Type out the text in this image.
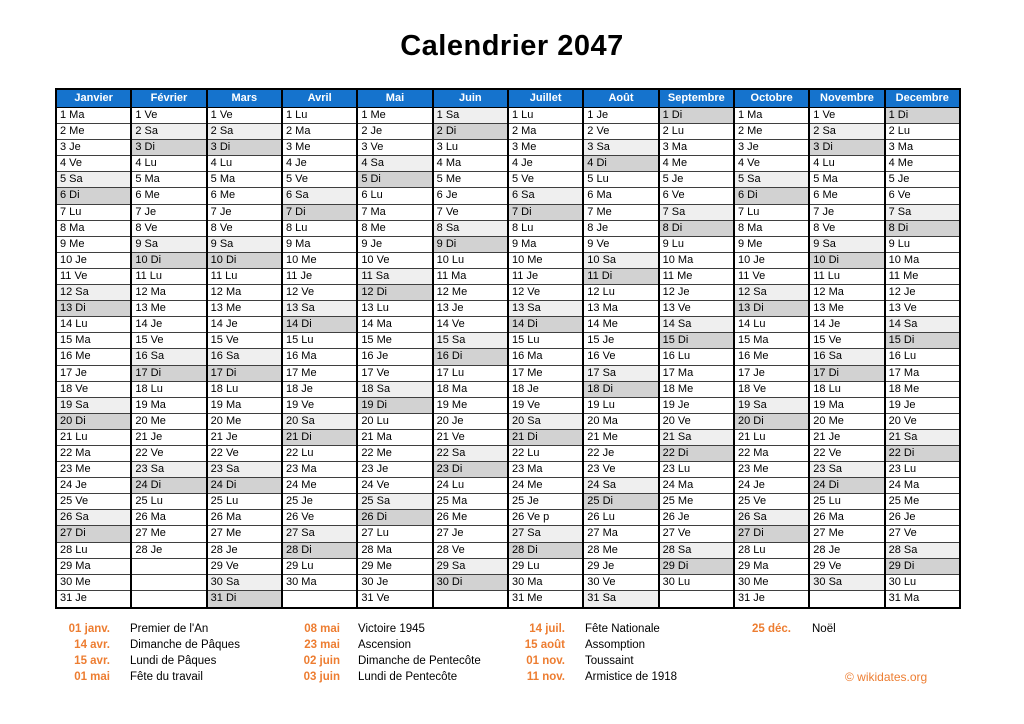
Calendrier 2047
Janvier
1 Ma
2 Me
3 Je
4 Ve
5 Sa
6 Di
7 Lu
8 Ma
9 Me
10 Je
11 Ve
12 Sa
13 Di
14 Lu
15 Ma
16 Me
17 Je
18 Ve
19 Sa
20 Di
21 Lu
22 Ma
23 Me
24 Je
25 Ve
26 Sa
27 Di
28 Lu
29 Ma
30 Me
31 Je
Février
1 Ve
2 Sa
3 Di
4 Lu
5 Ma
6 Me
7 Je
8 Ve
9 Sa
10 Di
11 Lu
12 Ma
13 Me
14 Je
15 Ve
16 Sa
17 Di
18 Lu
19 Ma
20 Me
21 Je
22 Ve
23 Sa
24 Di
25 Lu
26 Ma
27 Me
28 Je
Mars
1 Ve
2 Sa
3 Di
4 Lu
5 Ma
6 Me
7 Je
8 Ve
9 Sa
10 Di
11 Lu
12 Ma
13 Me
14 Je
15 Ve
16 Sa
17 Di
18 Lu
19 Ma
20 Me
21 Je
22 Ve
23 Sa
24 Di
25 Lu
26 Ma
27 Me
28 Je
29 Ve
30 Sa
31 Di
Avril
1 Lu
2 Ma
3 Me
4 Je
5 Ve
6 Sa
7 Di
8 Lu
9 Ma
10 Me
11 Je
12 Ve
13 Sa
14 Di
15 Lu
16 Ma
17 Me
18 Je
19 Ve
20 Sa
21 Di
22 Lu
23 Ma
24 Me
25 Je
26 Ve
27 Sa
28 Di
29 Lu
30 Ma
Mai
1 Me
2 Je
3 Ve
4 Sa
5 Di
6 Lu
7 Ma
8 Me
9 Je
10 Ve
11 Sa
12 Di
13 Lu
14 Ma
15 Me
16 Je
17 Ve
18 Sa
19 Di
20 Lu
21 Ma
22 Me
23 Je
24 Ve
25 Sa
26 Di
27 Lu
28 Ma
29 Me
30 Je
31 Ve
Juin
1 Sa
2 Di
3 Lu
4 Ma
5 Me
6 Je
7 Ve
8 Sa
9 Di
10 Lu
11 Ma
12 Me
13 Je
14 Ve
15 Sa
16 Di
17 Lu
18 Ma
19 Me
20 Je
21 Ve
22 Sa
23 Di
24 Lu
25 Ma
26 Me
27 Je
28 Ve
29 Sa
30 Di
Juillet
1 Lu
2 Ma
3 Me
4 Je
5 Ve
6 Sa
7 Di
8 Lu
9 Ma
10 Me
11 Je
12 Ve
13 Sa
14 Di
15 Lu
16 Ma
17 Me
18 Je
19 Ve
20 Sa
21 Di
22 Lu
23 Ma
24 Me
25 Je
26 Ve p
27 Sa
28 Di
29 Lu
30 Ma
31 Me
Août
1 Je
2 Ve
3 Sa
4 Di
5 Lu
6 Ma
7 Me
8 Je
9 Ve
10 Sa
11 Di
12 Lu
13 Ma
14 Me
15 Je
16 Ve
17 Sa
18 Di
19 Lu
20 Ma
21 Me
22 Je
23 Ve
24 Sa
25 Di
26 Lu
27 Ma
28 Me
29 Je
30 Ve
31 Sa
Septembre
1 Di
2 Lu
3 Ma
4 Me
5 Je
6 Ve
7 Sa
8 Di
9 Lu
10 Ma
11 Me
12 Je
13 Ve
14 Sa
15 Di
16 Lu
17 Ma
18 Me
19 Je
20 Ve
21 Sa
22 Di
23 Lu
24 Ma
25 Me
26 Je
27 Ve
28 Sa
29 Di
30 Lu
Octobre
1 Ma
2 Me
3 Je
4 Ve
5 Sa
6 Di
7 Lu
8 Ma
9 Me
10 Je
11 Ve
12 Sa
13 Di
14 Lu
15 Ma
16 Me
17 Je
18 Ve
19 Sa
20 Di
21 Lu
22 Ma
23 Me
24 Je
25 Ve
26 Sa
27 Di
28 Lu
29 Ma
30 Me
31 Je
Novembre
1 Ve
2 Sa
3 Di
4 Lu
5 Ma
6 Me
7 Je
8 Ve
9 Sa
10 Di
11 Lu
12 Ma
13 Me
14 Je
15 Ve
16 Sa
17 Di
18 Lu
19 Ma
20 Me
21 Je
22 Ve
23 Sa
24 Di
25 Lu
26 Ma
27 Me
28 Je
29 Ve
30 Sa
Decembre
1 Di
2 Lu
3 Ma
4 Me
5 Je
6 Ve
7 Sa
8 Di
9 Lu
10 Ma
11 Me
12 Je
13 Ve
14 Sa
15 Di
16 Lu
17 Ma
18 Me
19 Je
20 Ve
21 Sa
22 Di
23 Lu
24 Ma
25 Me
26 Je
27 Ve
28 Sa
29 Di
30 Lu
31 Ma
© wikidates.org
01 janv. Premier de l'An
14 avr. Dimanche de Pâques
15 avr. Lundi de Pâques
01 mai Fête du travail
08 mai Victoire 1945
23 mai Ascension
02 juin Dimanche de Pentecôte
03 juin Lundi de Pentecôte
14 juil. Fête Nationale
15 août Assomption
01 nov. Toussaint
11 nov. Armistice de 1918
25 déc. Noël
